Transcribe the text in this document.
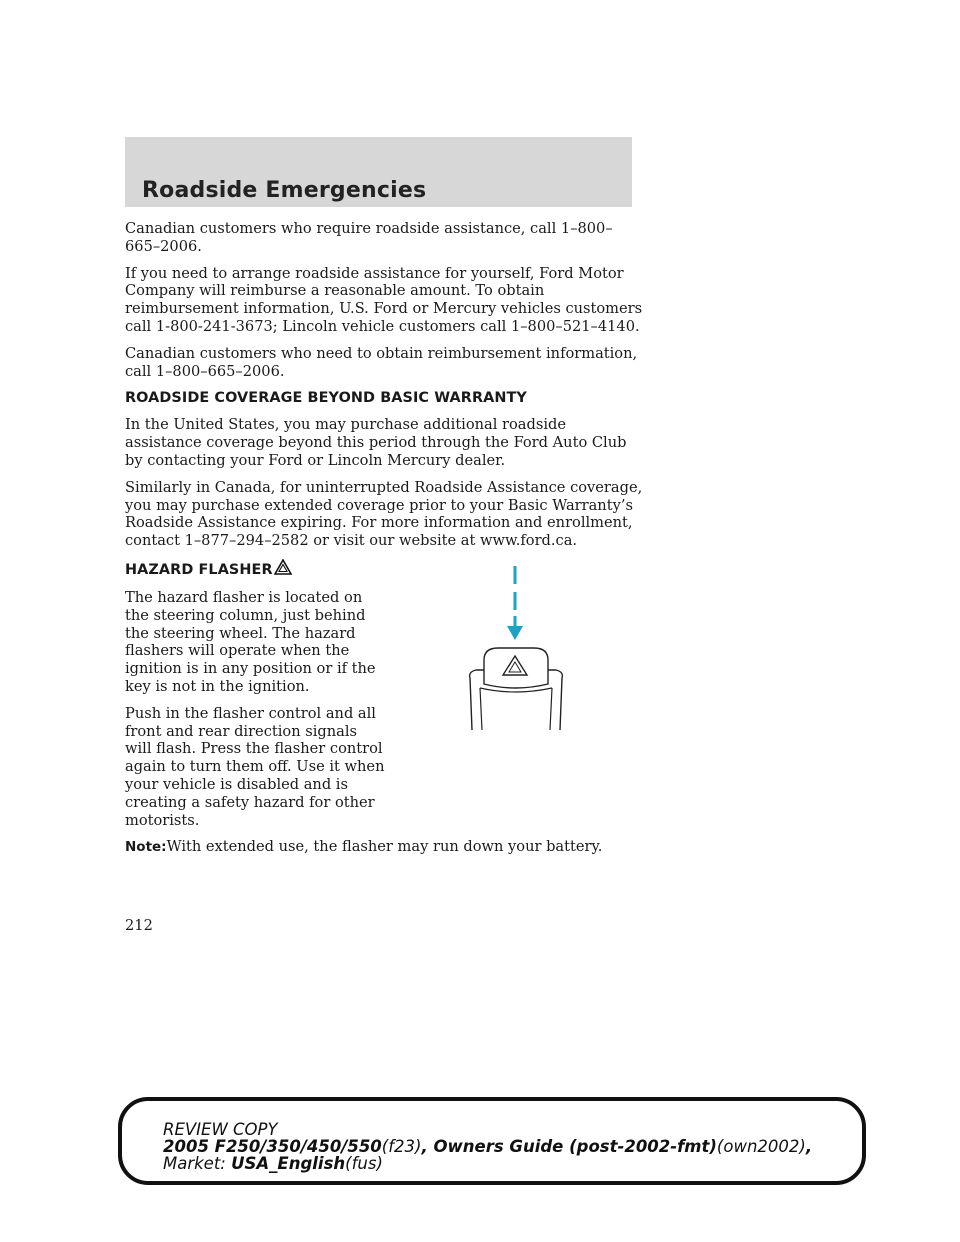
Roadside Emergencies

Canadian customers who require roadside assistance, call 1–800–665–2006.

If you need to arrange roadside assistance for yourself, Ford Motor Company will reimburse a reasonable amount. To obtain reimbursement information, U.S. Ford or Mercury vehicles customers call 1-800-241-3673; Lincoln vehicle customers call 1–800–521–4140.

Canadian customers who need to obtain reimbursement information, call 1–800–665–2006.

ROADSIDE COVERAGE BEYOND BASIC WARRANTY

In the United States, you may purchase additional roadside assistance coverage beyond this period through the Ford Auto Club by contacting your Ford or Lincoln Mercury dealer.

Similarly in Canada, for uninterrupted Roadside Assistance coverage, you may purchase extended coverage prior to your Basic Warranty’s Roadside Assistance expiring. For more information and enrollment, contact 1–877–294–2582 or visit our website at www.ford.ca.

HAZARD FLASHER

The hazard flasher is located on the steering column, just behind the steering wheel. The hazard flashers will operate when the ignition is in any position or if the key is not in the ignition.

Push in the flasher control and all front and rear direction signals will flash. Press the flasher control again to turn them off. Use it when your vehicle is disabled and is creating a safety hazard for other motorists.

Note:With extended use, the flasher may run down your battery.

212
REVIEW COPY
2005 F250/350/450/550(f23), Owners Guide (post-2002-fmt)(own2002),
Market: USA_English(fus)
